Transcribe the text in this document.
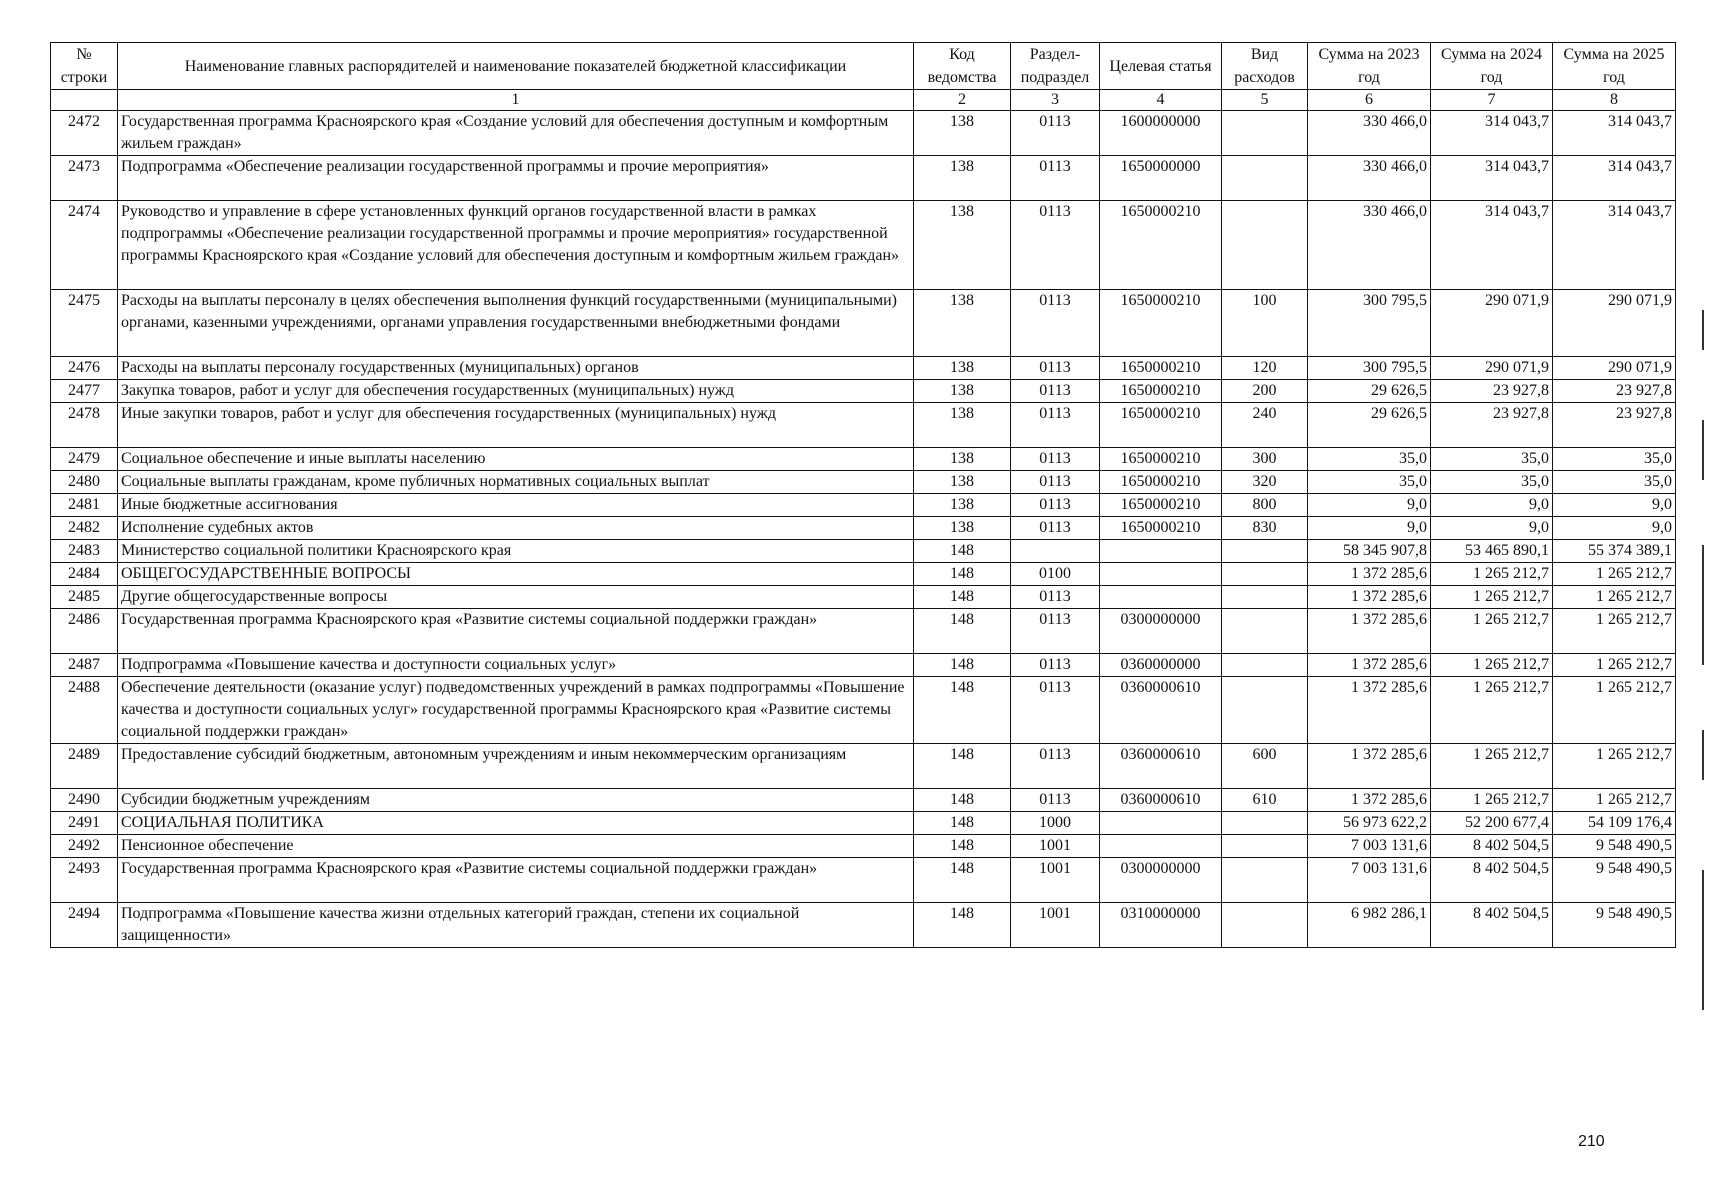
№ строки	Наименование главных распорядителей и наименование показателей бюджетной классификации	Код ведомства	Раздел- подраздел	Целевая статья	Вид расходов	Сумма на 2023 год	Сумма на 2024 год	Сумма на 2025 год
	1	2	3	4	5	6	7	8
2472	Государственная программа Красноярского края «Создание условий для обеспечения доступным и комфортным жильем граждан»	138	0113	1600000000		330 466,0	314 043,7	314 043,7
2473	Подпрограмма «Обеспечение реализации государственной программы и прочие мероприятия»	138	0113	1650000000		330 466,0	314 043,7	314 043,7
2474	Руководство и управление в сфере установленных функций органов государственной власти в рамках подпрограммы «Обеспечение реализации государственной программы и прочие мероприятия» государственной программы Красноярского края «Создание условий для обеспечения доступным и комфортным жильем граждан»	138	0113	1650000210		330 466,0	314 043,7	314 043,7
2475	Расходы на выплаты персоналу в целях обеспечения выполнения функций государственными (муниципальными) органами, казенными учреждениями, органами управления государственными внебюджетными фондами	138	0113	1650000210	100	300 795,5	290 071,9	290 071,9
2476	Расходы на выплаты персоналу государственных (муниципальных) органов	138	0113	1650000210	120	300 795,5	290 071,9	290 071,9
2477	Закупка товаров, работ и услуг для обеспечения государственных (муниципальных) нужд	138	0113	1650000210	200	29 626,5	23 927,8	23 927,8
2478	Иные закупки товаров, работ и услуг для обеспечения государственных (муниципальных) нужд	138	0113	1650000210	240	29 626,5	23 927,8	23 927,8
2479	Социальное обеспечение и иные выплаты населению	138	0113	1650000210	300	35,0	35,0	35,0
2480	Социальные выплаты гражданам, кроме публичных нормативных социальных выплат	138	0113	1650000210	320	35,0	35,0	35,0
2481	Иные бюджетные ассигнования	138	0113	1650000210	800	9,0	9,0	9,0
2482	Исполнение судебных актов	138	0113	1650000210	830	9,0	9,0	9,0
2483	Министерство социальной политики Красноярского края	148				58 345 907,8	53 465 890,1	55 374 389,1
2484	ОБЩЕГОСУДАРСТВЕННЫЕ ВОПРОСЫ	148	0100			1 372 285,6	1 265 212,7	1 265 212,7
2485	Другие общегосударственные вопросы	148	0113			1 372 285,6	1 265 212,7	1 265 212,7
2486	Государственная программа Красноярского края «Развитие системы социальной поддержки граждан»	148	0113	0300000000		1 372 285,6	1 265 212,7	1 265 212,7
2487	Подпрограмма «Повышение качества и доступности социальных услуг»	148	0113	0360000000		1 372 285,6	1 265 212,7	1 265 212,7
2488	Обеспечение деятельности (оказание услуг) подведомственных учреждений в рамках подпрограммы «Повышение качества и доступности социальных услуг» государственной программы Красноярского края «Развитие системы социальной поддержки граждан»	148	0113	0360000610		1 372 285,6	1 265 212,7	1 265 212,7
2489	Предоставление субсидий бюджетным, автономным учреждениям и иным некоммерческим организациям	148	0113	0360000610	600	1 372 285,6	1 265 212,7	1 265 212,7
2490	Субсидии бюджетным учреждениям	148	0113	0360000610	610	1 372 285,6	1 265 212,7	1 265 212,7
2491	СОЦИАЛЬНАЯ ПОЛИТИКА	148	1000			56 973 622,2	52 200 677,4	54 109 176,4
2492	Пенсионное обеспечение	148	1001			7 003 131,6	8 402 504,5	9 548 490,5
2493	Государственная программа Красноярского края «Развитие системы социальной поддержки граждан»	148	1001	0300000000		7 003 131,6	8 402 504,5	9 548 490,5
2494	Подпрограмма «Повышение качества жизни отдельных категорий граждан, степени их социальной защищенности»	148	1001	0310000000		6 982 286,1	8 402 504,5	9 548 490,5
210
